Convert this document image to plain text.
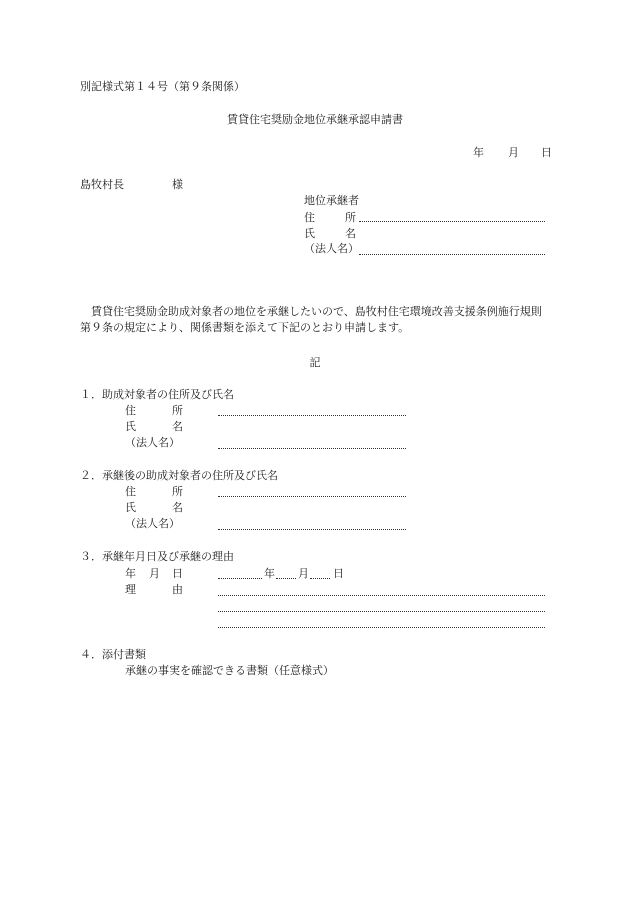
別記様式第１４号（第９条関係）
賃貸住宅奨励金地位承継承認申請書
年 月 日
島牧村長	様
地位承継者
住	所
氏	名
（法人名）
賃貸住宅奨励金助成対象者の地位を承継したいので、島牧村住宅環境改善支援条例施行規則
第９条の規定により、関係書類を添えて下記のとおり申請します。
記
１．助成対象者の住所及び氏名
住	所
氏	名
（法人名）
２．承継後の助成対象者の住所及び氏名
住	所
氏	名
（法人名）
３．承継年月日及び承継の理由
年 月 日	年 月 日
理	由
４．添付書類
承継の事実を確認できる書類（任意様式）
